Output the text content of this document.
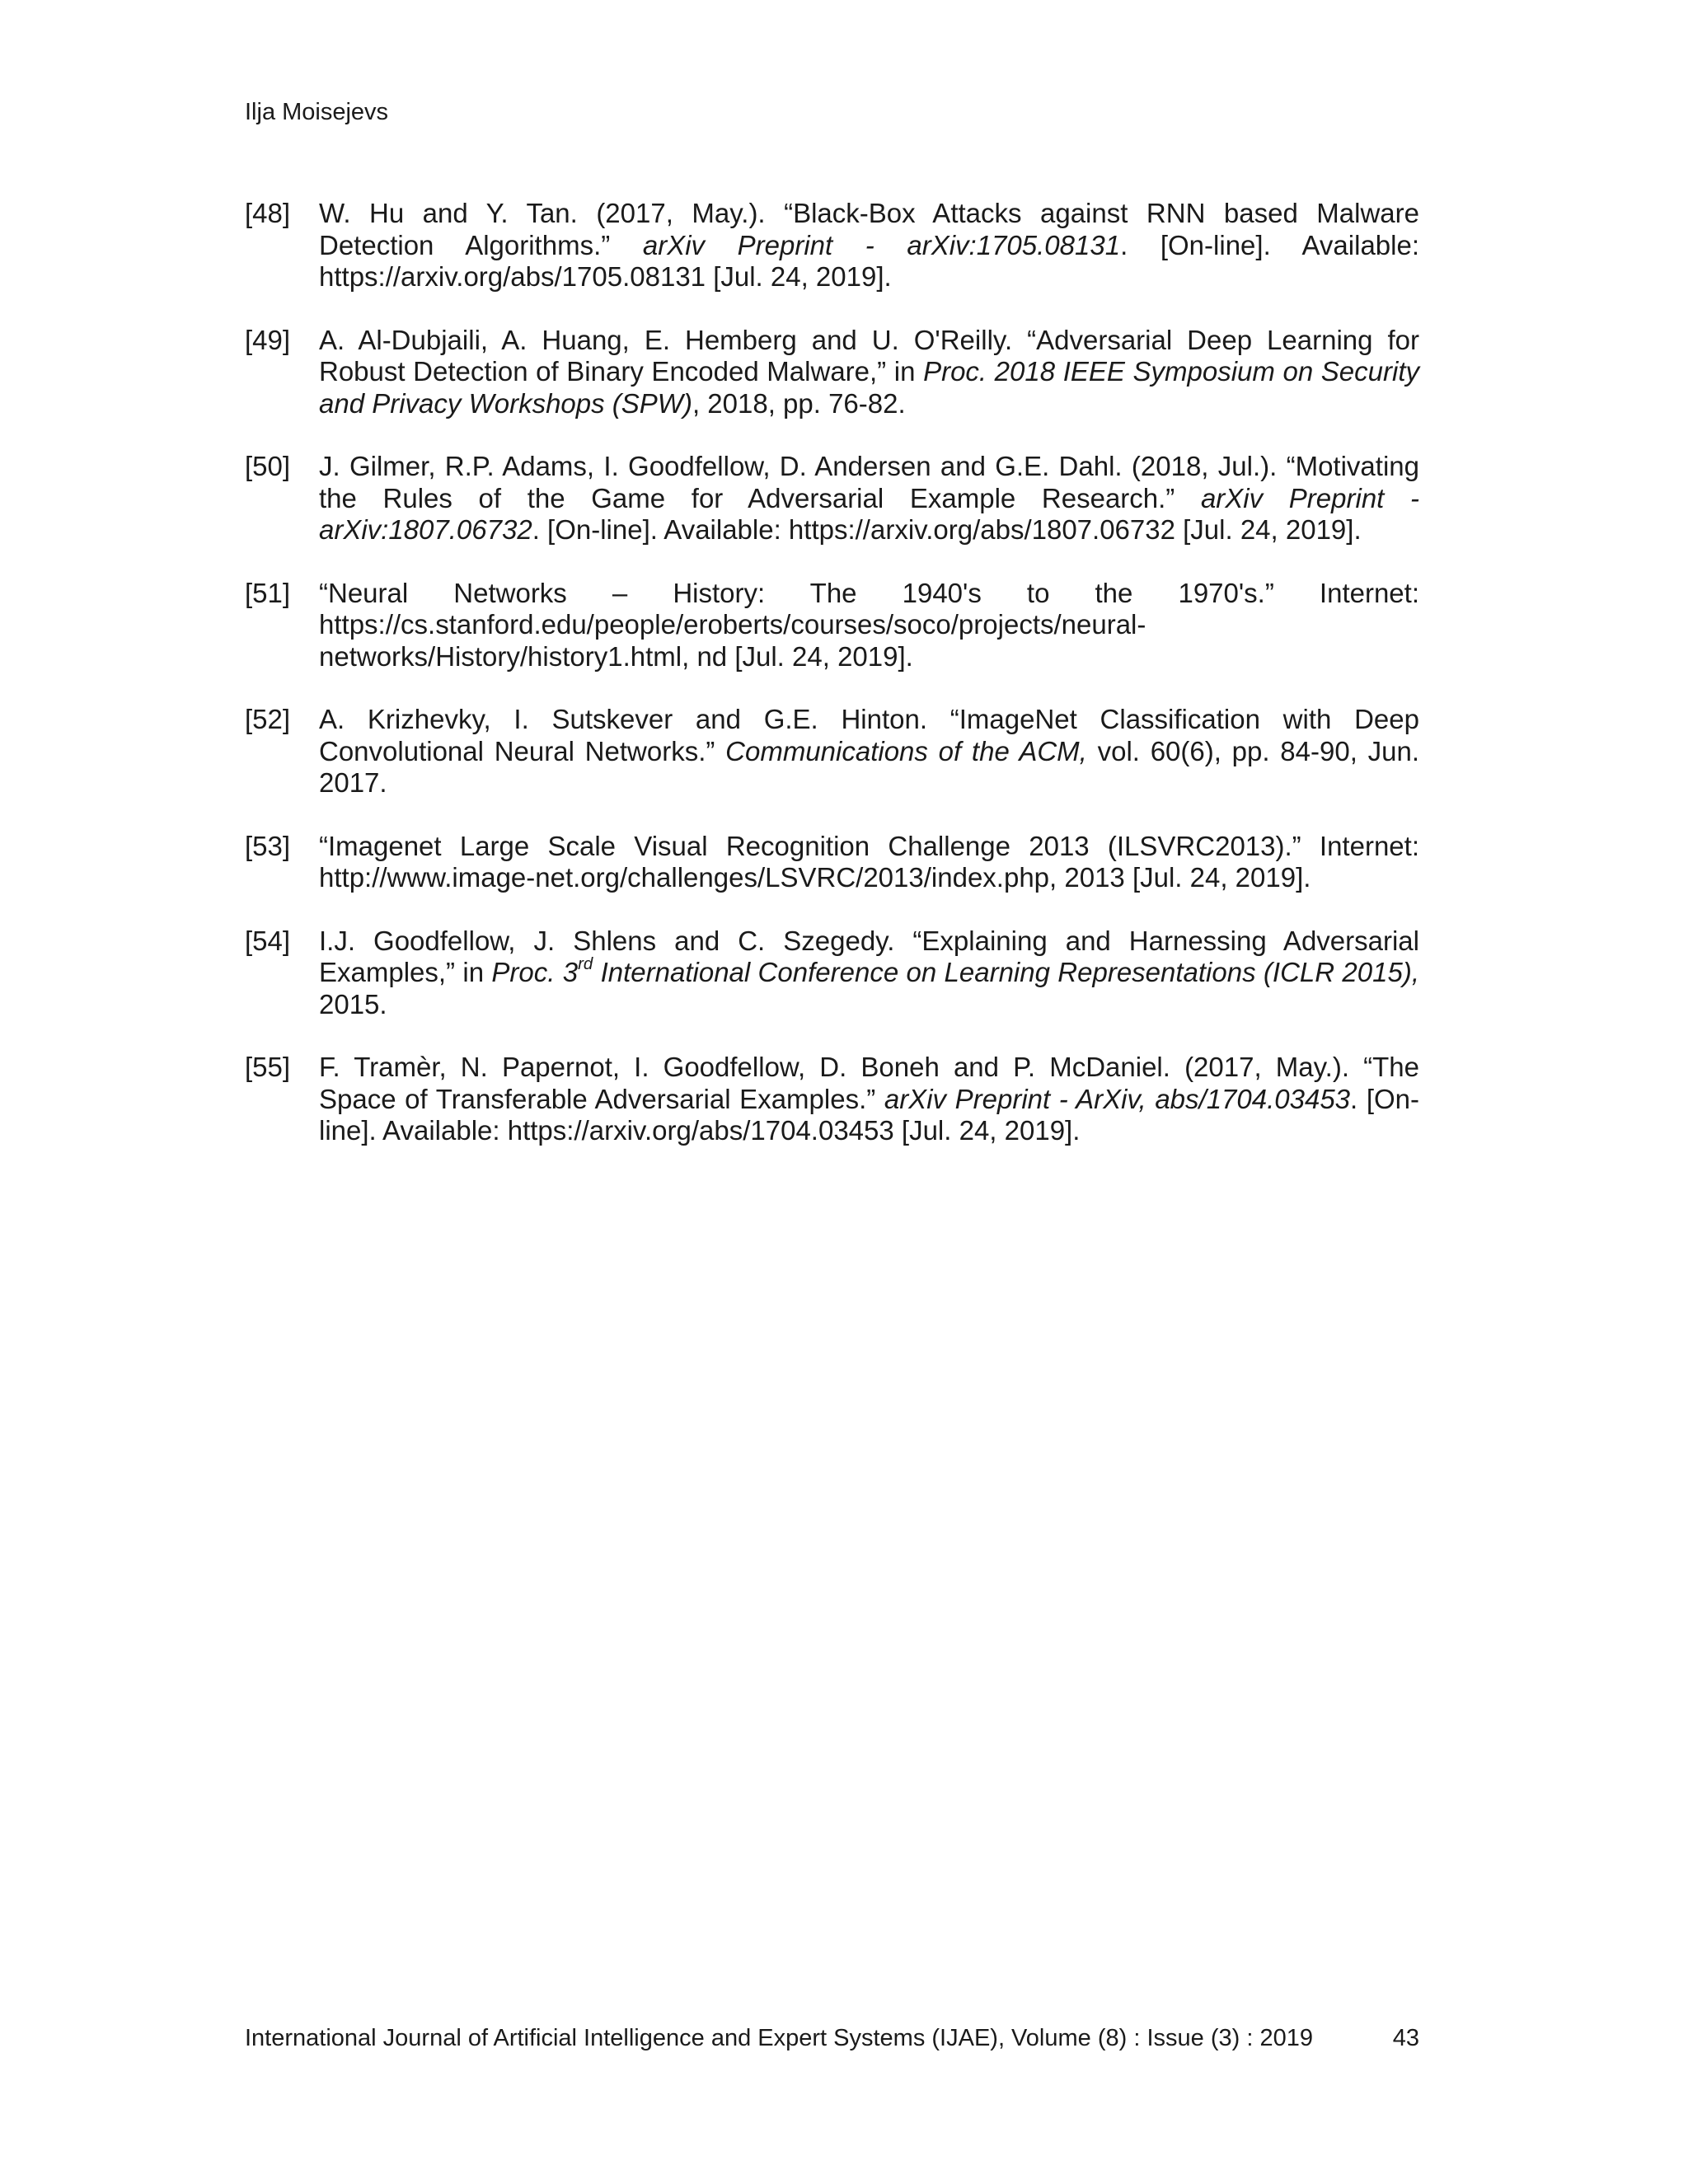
Ilja Moisejevs
[48]	W. Hu and Y. Tan. (2017, May.). “Black-Box Attacks against RNN based Malware
Detection Algorithms.” arXiv Preprint - arXiv:1705.08131. [On-line]. Available:
https://arxiv.org/abs/1705.08131 [Jul. 24, 2019].
[49]	A. Al-Dubjaili, A. Huang, E. Hemberg and U. O'Reilly. “Adversarial Deep Learning for
Robust Detection of Binary Encoded Malware,” in Proc. 2018 IEEE Symposium on Security
and Privacy Workshops (SPW), 2018, pp. 76-82.
[50]	J. Gilmer, R.P. Adams, I. Goodfellow, D. Andersen and G.E. Dahl. (2018, Jul.). “Motivating
the Rules of the Game for Adversarial Example Research.” arXiv Preprint -
arXiv:1807.06732. [On-line]. Available: https://arxiv.org/abs/1807.06732 [Jul. 24, 2019].
[51]	“Neural Networks – History: The 1940's to the 1970's.” Internet:
https://cs.stanford.edu/people/eroberts/courses/soco/projects/neural-
networks/History/history1.html, nd [Jul. 24, 2019].
[52]	A. Krizhevky, I. Sutskever and G.E. Hinton. “ImageNet Classification with Deep
Convolutional Neural Networks.” Communications of the ACM, vol. 60(6), pp. 84-90, Jun.
2017.
[53]	“Imagenet Large Scale Visual Recognition Challenge 2013 (ILSVRC2013).” Internet:
http://www.image-net.org/challenges/LSVRC/2013/index.php, 2013 [Jul. 24, 2019].
[54]	I.J. Goodfellow, J. Shlens and C. Szegedy. “Explaining and Harnessing Adversarial
Examples,” in Proc. 3rd International Conference on Learning Representations (ICLR 2015),
2015.
[55]	F. Tramèr, N. Papernot, I. Goodfellow, D. Boneh and P. McDaniel. (2017, May.). “The
Space of Transferable Adversarial Examples.” arXiv Preprint - ArXiv, abs/1704.03453. [On-
line]. Available: https://arxiv.org/abs/1704.03453 [Jul. 24, 2019].
International Journal of Artificial Intelligence and Expert Systems (IJAE), Volume (8) : Issue (3) : 2019	43
